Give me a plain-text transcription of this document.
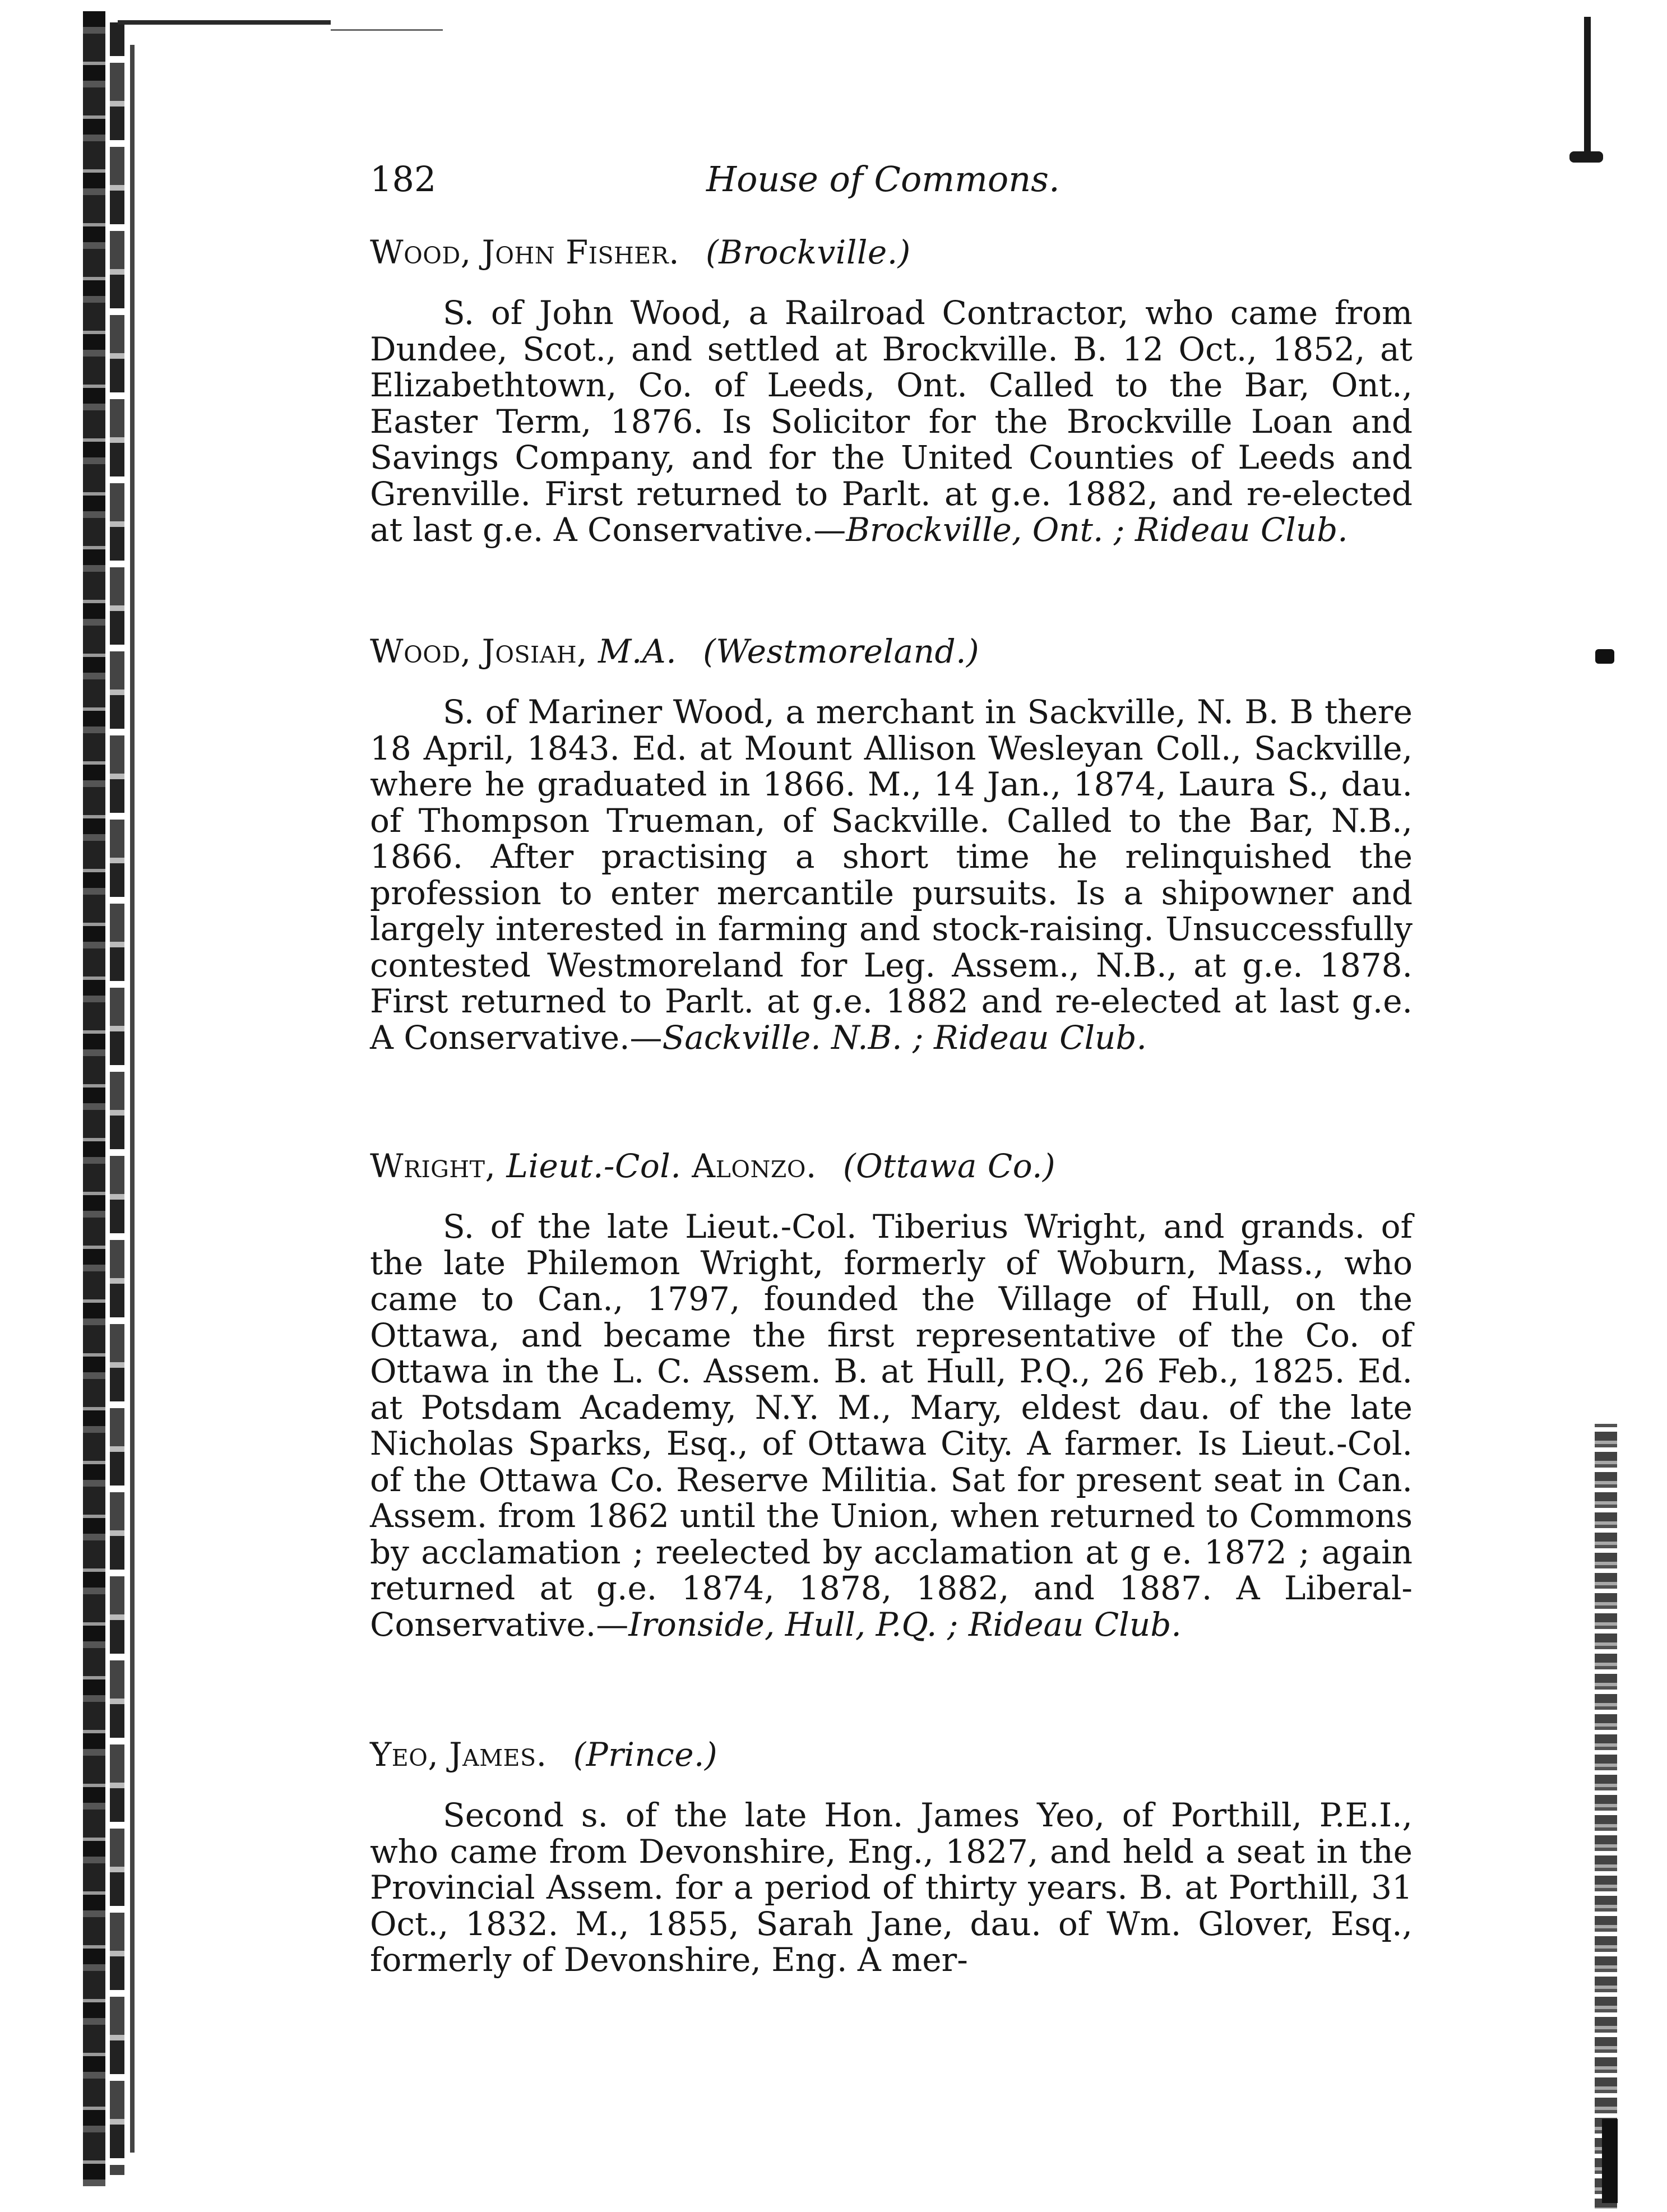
182	House of Commons.
Wood, John Fisher. (Brockville.)

S. of John Wood, a Railroad Contractor, who came from Dundee, Scot., and settled at Brockville. B. 12 Oct., 1852, at Elizabethtown, Co. of Leeds, Ont. Called to the Bar, Ont., Easter Term, 1876. Is Solicitor for the Brockville Loan and Savings Company, and for the United Counties of Leeds and Grenville. First returned to Parlt. at g.e. 1882, and re-elected at last g.e. A Conservative.—Brockville, Ont. ; Rideau Club.

Wood, Josiah, M.A. (Westmoreland.)

S. of Mariner Wood, a merchant in Sackville, N. B. B there 18 April, 1843. Ed. at Mount Allison Wesleyan Coll., Sackville, where he graduated in 1866. M., 14 Jan., 1874, Laura S., dau. of Thompson Trueman, of Sackville. Called to the Bar, N.B., 1866. After practising a short time he relinquished the profession to enter mercantile pursuits. Is a shipowner and largely interested in farming and stock-raising. Unsuccessfully contested Westmoreland for Leg. Assem., N.B., at g.e. 1878. First returned to Parlt. at g.e. 1882 and re-elected at last g.e. A Conservative.—Sackville. N.B. ; Rideau Club.

Wright, Lieut.-Col. Alonzo. (Ottawa Co.)

S. of the late Lieut.-Col. Tiberius Wright, and grands. of the late Philemon Wright, formerly of Woburn, Mass., who came to Can., 1797, founded the Village of Hull, on the Ottawa, and became the first representative of the Co. of Ottawa in the L. C. Assem. B. at Hull, P.Q., 26 Feb., 1825. Ed. at Potsdam Academy, N.Y. M., Mary, eldest dau. of the late Nicholas Sparks, Esq., of Ottawa City. A farmer. Is Lieut.-Col. of the Ottawa Co. Reserve Militia. Sat for present seat in Can. Assem. from 1862 until the Union, when returned to Commons by acclamation ; reelected by acclamation at g e. 1872 ; again returned at g.e. 1874, 1878, 1882, and 1887. A Liberal-Conservative.—Ironside, Hull, P.Q. ; Rideau Club.

Yeo, James. (Prince.)

Second s. of the late Hon. James Yeo, of Porthill, P.E.I., who came from Devonshire, Eng., 1827, and held a seat in the Provincial Assem. for a period of thirty years. B. at Porthill, 31 Oct., 1832. M., 1855, Sarah Jane, dau. of Wm. Glover, Esq., formerly of Devonshire, Eng. A mer-
